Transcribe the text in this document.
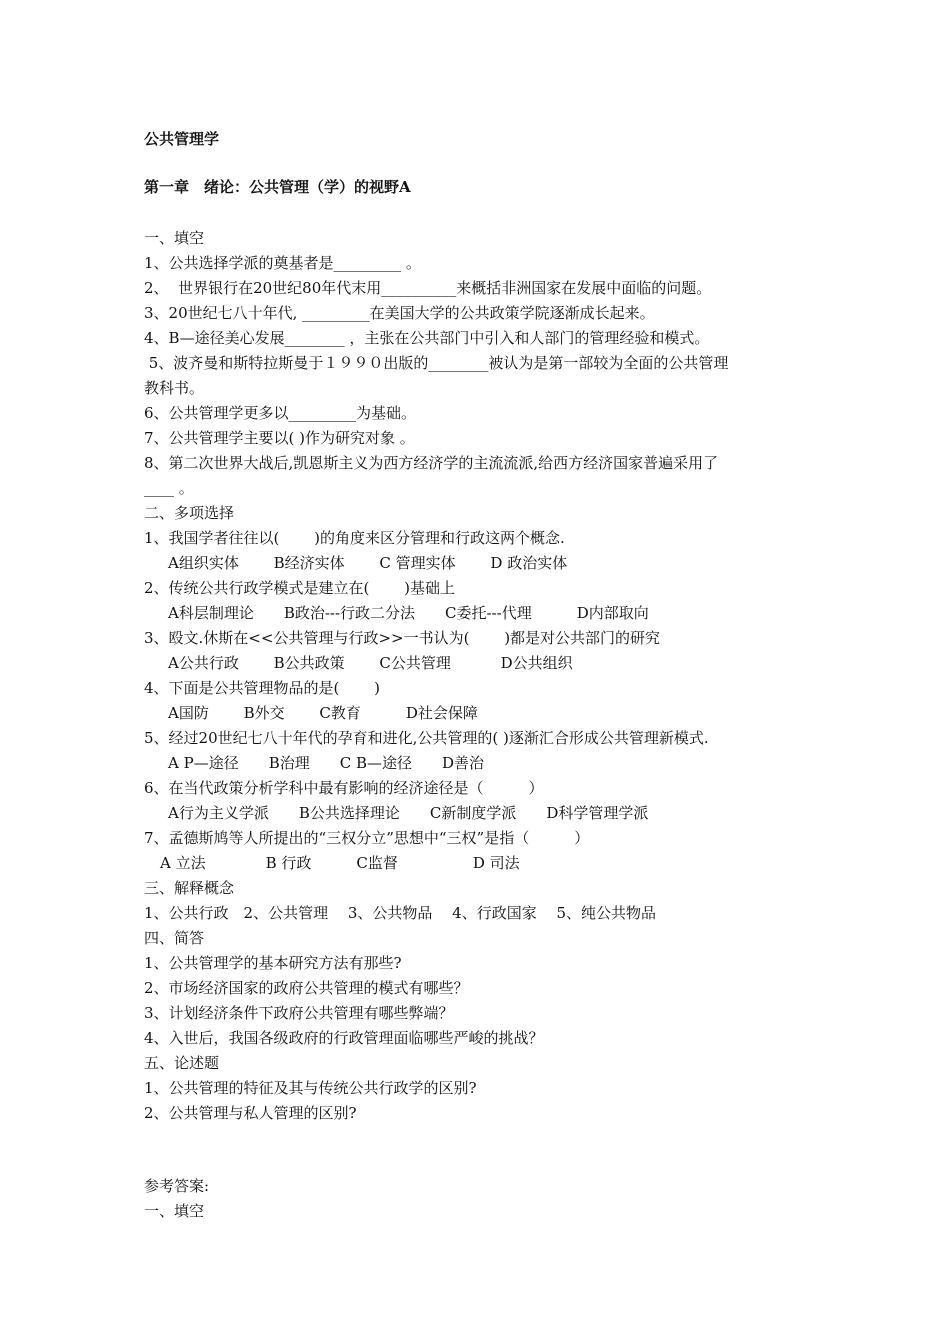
公共管理学
第一章　绪论：公共管理（学）的视野A
一、填空
1、公共选择学派的奠基者是_________ 。
2、  世界银行在20世纪80年代末用__________来概括非洲国家在发展中面临的问题。
3、20世纪七八十年代, _________在美国大学的公共政策学院逐渐成长起来。
4、B—途径美心发展________ ，主张在公共部门中引入和人部门的管理经验和模式。
5、波齐曼和斯特拉斯曼于１９９０出版的________被认为是第一部较为全面的公共管理
教科书。
6、公共管理学更多以_________为基础。
7、公共管理学主要以( )作为研究对象 。
8、第二次世界大战后,凯恩斯主义为西方经济学的主流流派,给西方经济国家普遍采用了
____ 。
二、多项选择
1、我国学者往往以(　　 )的角度来区分管理和行政这两个概念.
A组织实体　　 B经济实体　　 C 管理实体　　 D 政治实体
2、传统公共行政学模式是建立在(　　 )基础上
A科层制理论　　B政治---行政二分法　　C委托---代理　　　D内部取向
3、殴文.休斯在<<公共管理与行政>>一书认为(　　 )都是对公共部门的研究
A公共行政　　 B公共政策　　 C公共管理　　　 D公共组织
4、下面是公共管理物品的是(　　 )
A国防　　 B外交　　 C教育　　　D社会保障
5、经过20世纪七八十年代的孕育和进化,公共管理的( )逐渐汇合形成公共管理新模式.
A P—途径　　B治理　　C B—途径　　D善治
6、在当代政策分析学科中最有影响的经济途径是（　　　）
A行为主义学派　　B公共选择理论　　C新制度学派　　D科学管理学派
7、孟德斯鸠等人所提出的“三权分立”思想中“三权”是指（　　　）
A 立法　　　　B 行政　　　C监督　　　　　D 司法
三、解释概念
1、公共行政　2、公共管理　 3、公共物品　 4、行政国家　 5、纯公共物品
四、简答
1、公共管理学的基本研究方法有那些?
2、市场经济国家的政府公共管理的模式有哪些？
3、计划经济条件下政府公共管理有哪些弊端？
4、入世后，我国各级政府的行政管理面临哪些严峻的挑战？
五、论述题
1、公共管理的特征及其与传统公共行政学的区别?
2、公共管理与私人管理的区别?
参考答案:
一、填空
